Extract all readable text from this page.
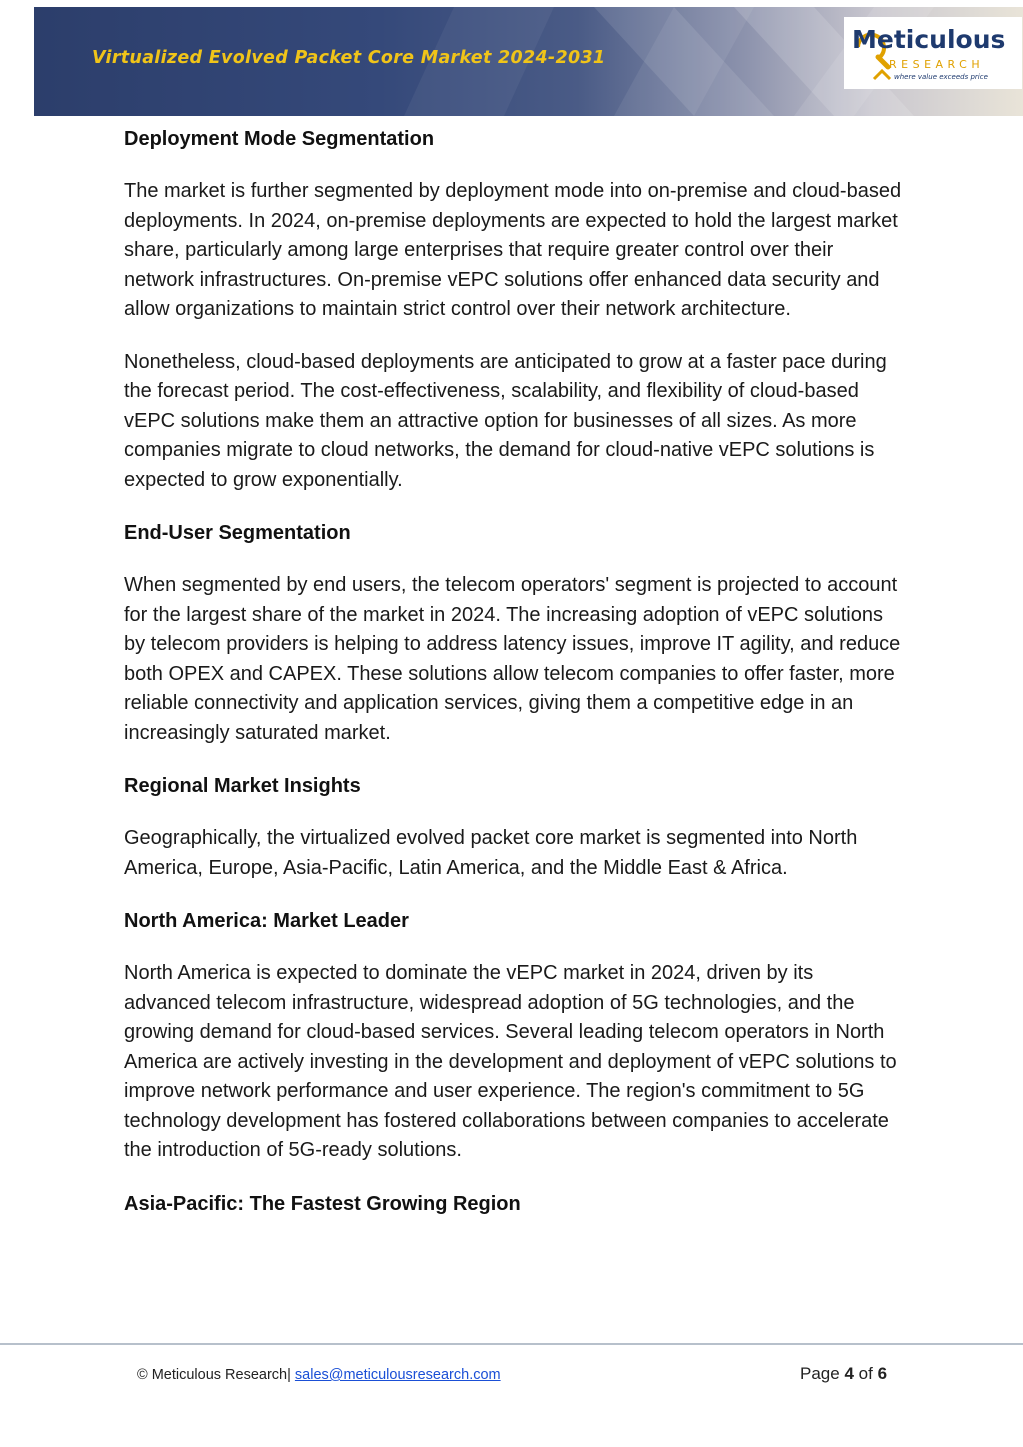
Virtualized Evolved Packet Core Market 2024-2031
Meticulous
RESEARCH
where value exceeds price
Deployment Mode Segmentation

The market is further segmented by deployment mode into on-premise and cloud-based deployments. In 2024, on-premise deployments are expected to hold the largest market share, particularly among large enterprises that require greater control over their network infrastructures. On-premise vEPC solutions offer enhanced data security and allow organizations to maintain strict control over their network architecture.

Nonetheless, cloud-based deployments are anticipated to grow at a faster pace during the forecast period. The cost-effectiveness, scalability, and flexibility of cloud-based vEPC solutions make them an attractive option for businesses of all sizes. As more companies migrate to cloud networks, the demand for cloud-native vEPC solutions is expected to grow exponentially.

End-User Segmentation

When segmented by end users, the telecom operators' segment is projected to account for the largest share of the market in 2024. The increasing adoption of vEPC solutions by telecom providers is helping to address latency issues, improve IT agility, and reduce both OPEX and CAPEX. These solutions allow telecom companies to offer faster, more reliable connectivity and application services, giving them a competitive edge in an increasingly saturated market.

Regional Market Insights

Geographically, the virtualized evolved packet core market is segmented into North America, Europe, Asia-Pacific, Latin America, and the Middle East & Africa.

North America: Market Leader

North America is expected to dominate the vEPC market in 2024, driven by its advanced telecom infrastructure, widespread adoption of 5G technologies, and the growing demand for cloud-based services. Several leading telecom operators in North America are actively investing in the development and deployment of vEPC solutions to improve network performance and user experience. The region's commitment to 5G technology development has fostered collaborations between companies to accelerate the introduction of 5G-ready solutions.

Asia-Pacific: The Fastest Growing Region
© Meticulous Research| sales@meticulousresearch.com	Page 4 of 6
